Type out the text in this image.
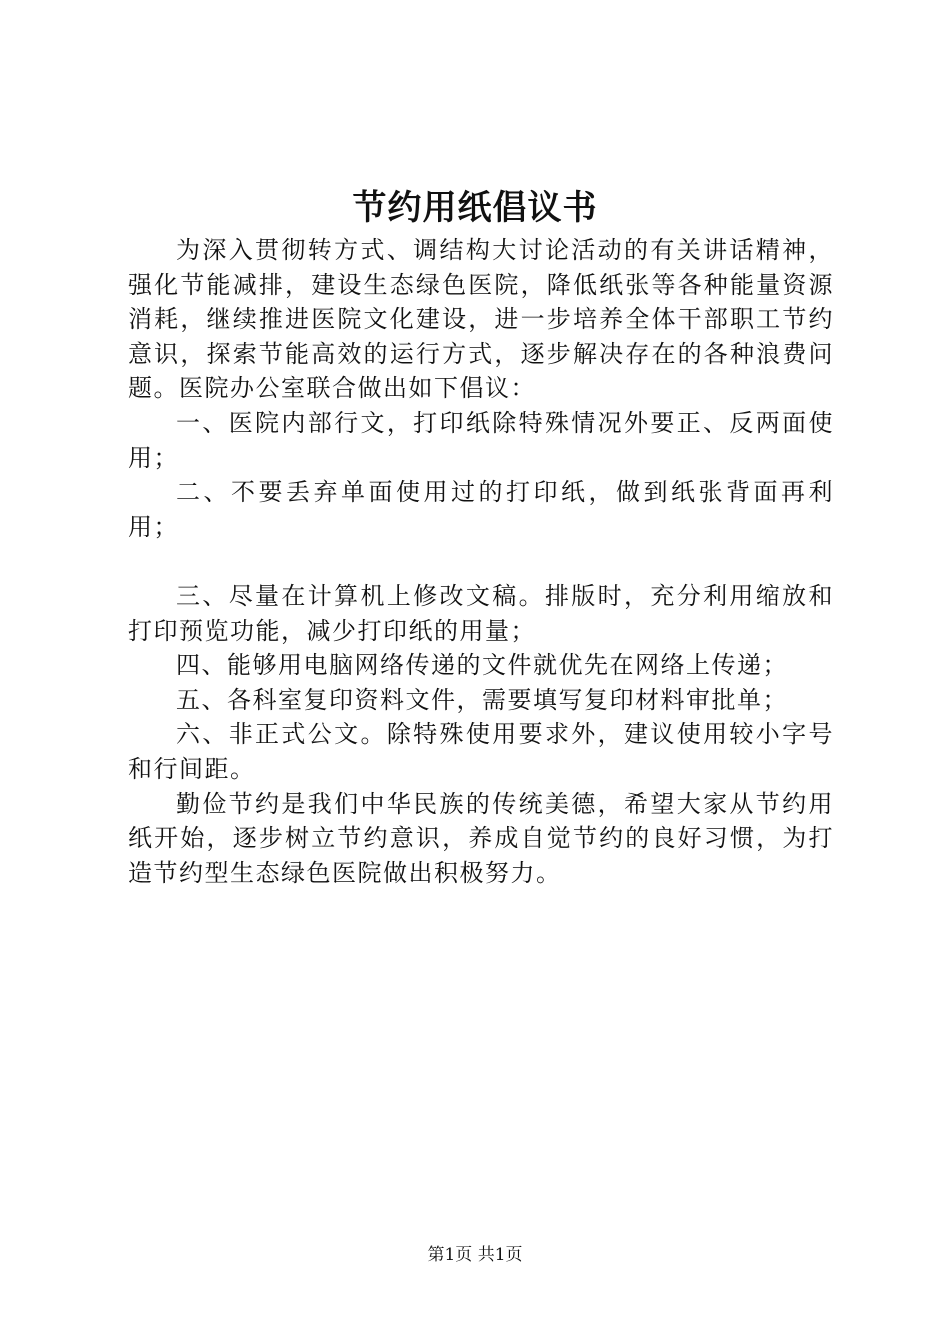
节约用纸倡议书

为深入贯彻转方式、调结构大讨论活动的有关讲话精神，强化节能减排，建设生态绿色医院，降低纸张等各种能量资源消耗，继续推进医院文化建设，进一步培养全体干部职工节约意识，探索节能高效的运行方式，逐步解决存在的各种浪费问题。医院办公室联合做出如下倡议：

一、医院内部行文，打印纸除特殊情况外要正、反两面使用；

二、不要丢弃单面使用过的打印纸，做到纸张背面再利用；

三、尽量在计算机上修改文稿。排版时，充分利用缩放和打印预览功能，减少打印纸的用量；

四、能够用电脑网络传递的文件就优先在网络上传递；

五、各科室复印资料文件，需要填写复印材料审批单；

六、非正式公文。除特殊使用要求外，建议使用较小字号和行间距。

勤俭节约是我们中华民族的传统美德，希望大家从节约用纸开始，逐步树立节约意识，养成自觉节约的良好习惯，为打造节约型生态绿色医院做出积极努力。

第1页 共1页
